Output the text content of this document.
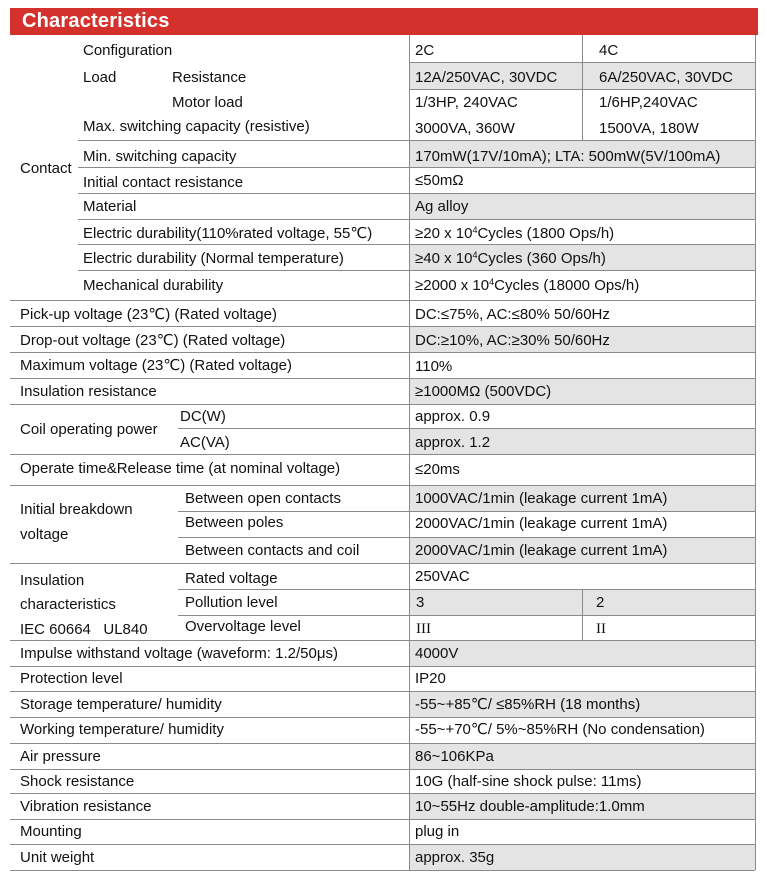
Characteristics
Contact
Configuration	2C	4C
Load	Resistance	12A/250VAC, 30VDC	6A/250VAC, 30VDC
Motor load	1/3HP, 240VAC	1/6HP,240VAC
Max. switching capacity (resistive)	3000VA, 360W	1500VA, 180W
Min. switching capacity	170mW(17V/10mA); LTA: 500mW(5V/100mA)
Initial contact resistance	≤50mΩ
Material	Ag alloy
Electric durability(110%rated voltage, 55℃)	≥20 x $10^4Cycles$ (1800 Ops/h)
Electric durability (Normal temperature)	≥40 x $10^4Cycles$ (360 Ops/h)
Mechanical durability	≥2000 x $10^4Cycles$ (18000 Ops/h)
Pick-up voltage (23℃) (Rated voltage)	DC:≤75%, AC:≤80% 50/60Hz
Drop-out voltage (23℃) (Rated voltage)	DC:≥10%, AC:≥30% 50/60Hz
Maximum voltage (23℃) (Rated voltage)	110%
Insulation resistance	≥1000MΩ (500VDC)
Coil operating power
DC(W)	approx. 0.9
AC(VA)	approx. 1.2
Operate time&Release time (at nominal voltage)	≤20ms
Initial breakdown
voltage
Between open contacts	1000VAC/1min (leakage current 1mA)
Between poles	2000VAC/1min (leakage current 1mA)
Between contacts and coil	2000VAC/1min (leakage current 1mA)
Insulation
characteristics
IEC 60664   UL840
Rated voltage	250VAC
Pollution level	3	2
Overvoltage level	III	II
Impulse withstand voltage (waveform: 1.2/50μs)	4000V
Protection level	IP20
Storage temperature/ humidity	-55~+85℃/ ≤85%RH (18 months)
Working temperature/ humidity	-55~+70℃/ 5%~85%RH (No condensation)
Air pressure	86~106KPa
Shock resistance	10G (half-sine shock pulse: 11ms)
Vibration resistance	10~55Hz double-amplitude:1.0mm
Mounting	plug in
Unit weight	approx. 35g
